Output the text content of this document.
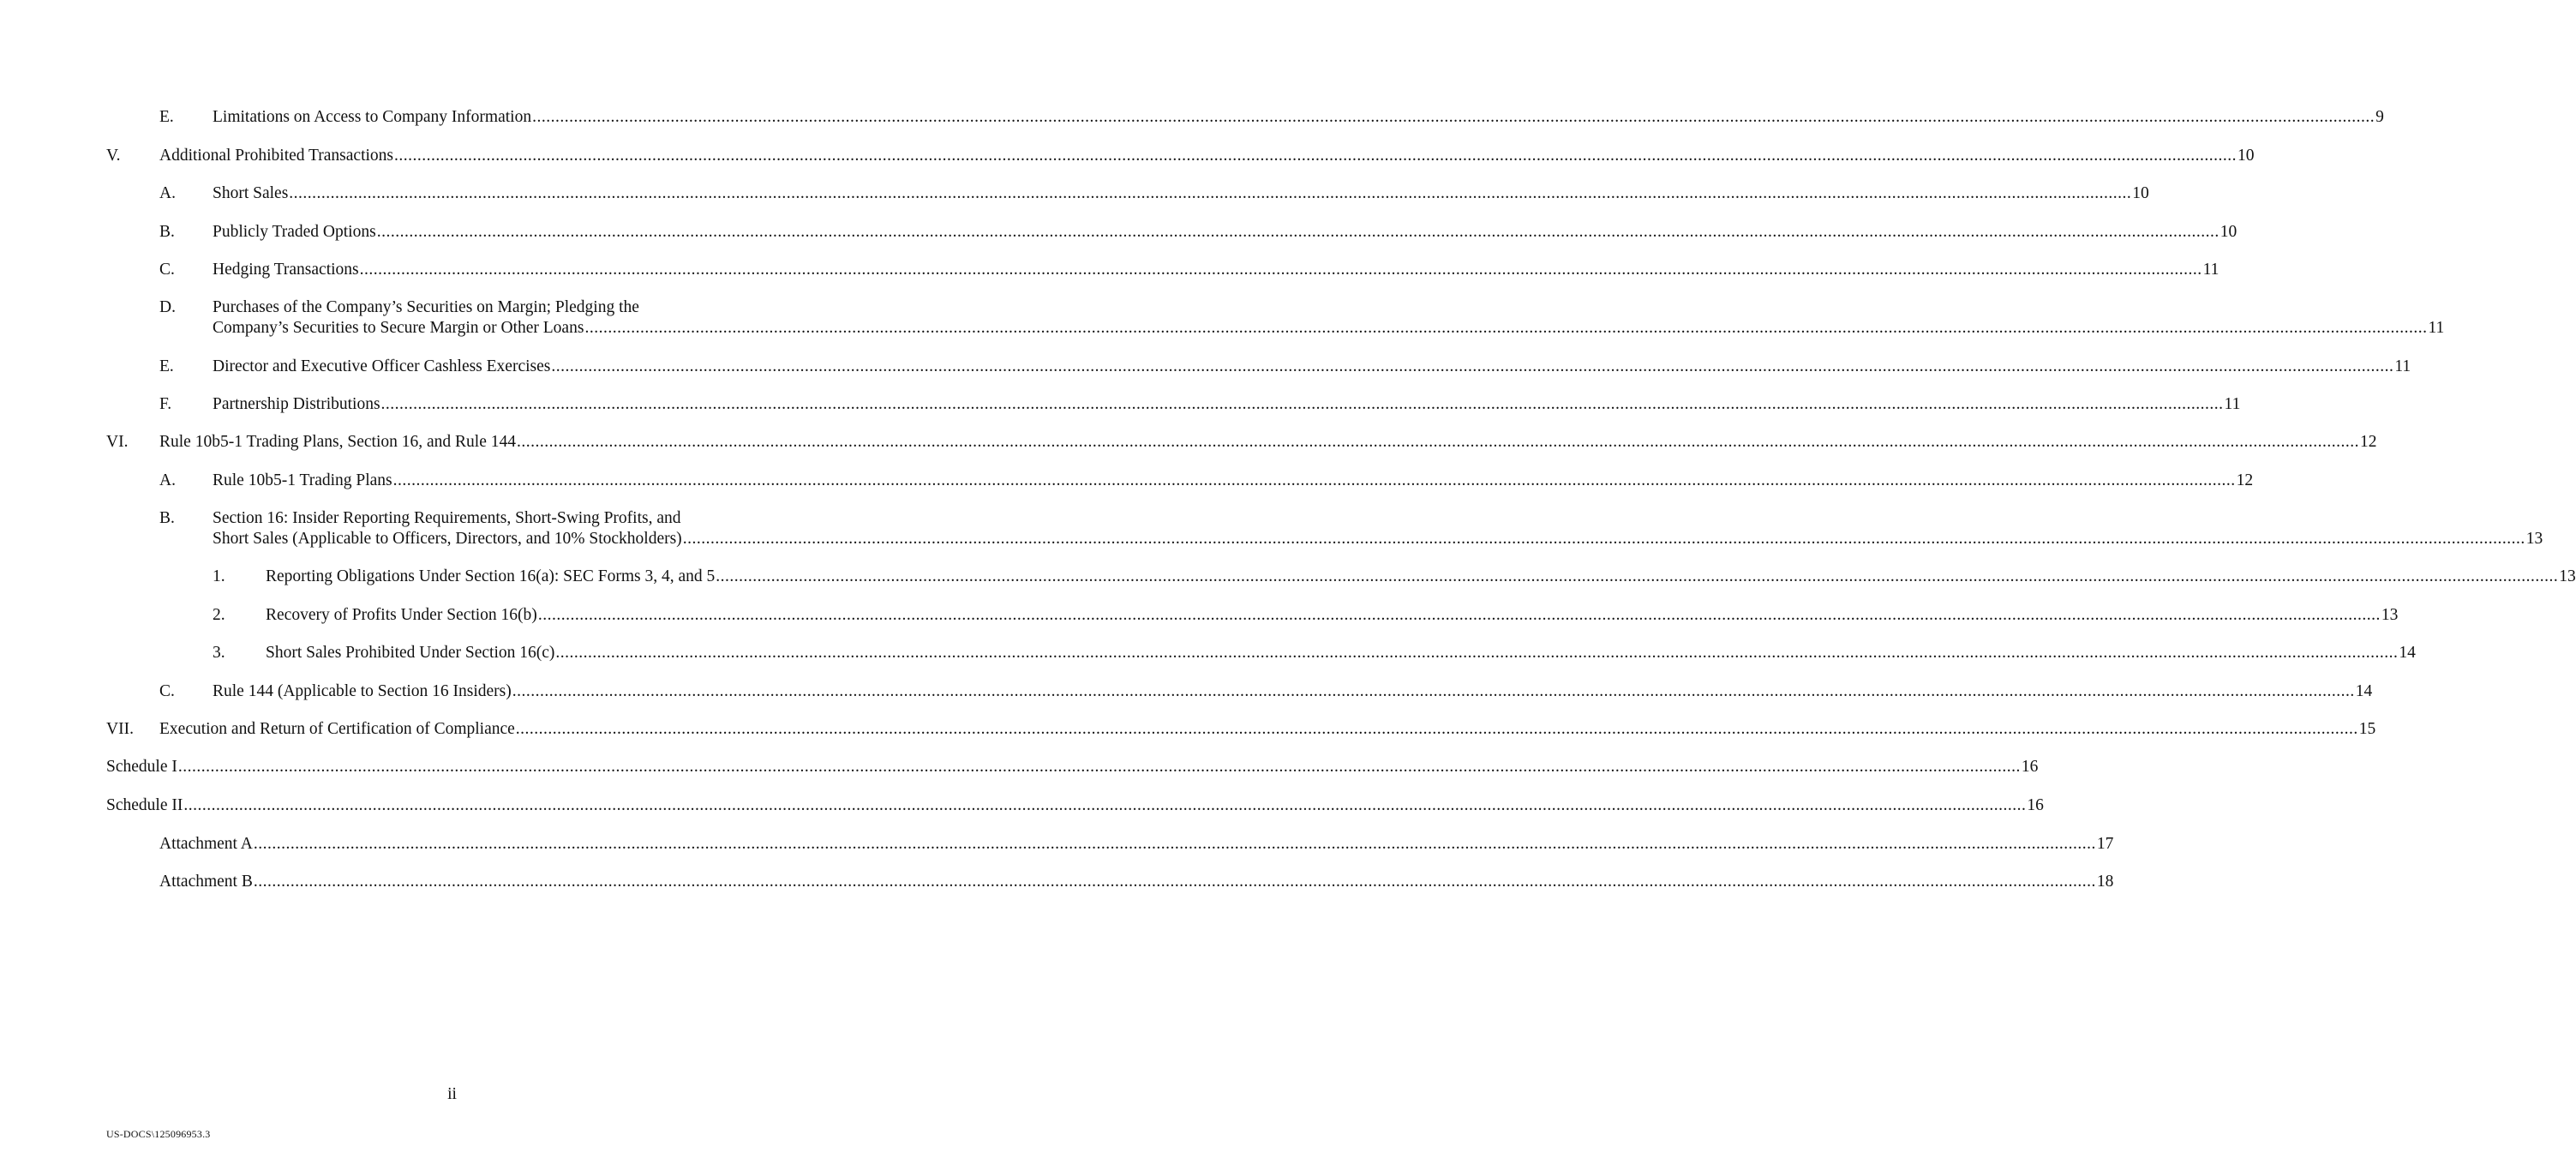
E. Limitations on Access to Company Information ................................................................................................................................................................................................................................................................................................................................................................................................................ 9
V. Additional Prohibited Transactions ................................................................................................................................................................................................................................................................................................................................................................................................................ 10
A. Short Sales ................................................................................................................................................................................................................................................................................................................................................................................................................ 10
B. Publicly Traded Options ................................................................................................................................................................................................................................................................................................................................................................................................................ 10
C. Hedging Transactions ................................................................................................................................................................................................................................................................................................................................................................................................................ 11
D. Purchases of the Company’s Securities on Margin; Pledging the
Company’s Securities to Secure Margin or Other Loans ................................................................................................................................................................................................................................................................................................................................................................................................................ 11
E. Director and Executive Officer Cashless Exercises ................................................................................................................................................................................................................................................................................................................................................................................................................ 11
F. Partnership Distributions ................................................................................................................................................................................................................................................................................................................................................................................................................ 11
VI. Rule 10b5-1 Trading Plans, Section 16, and Rule 144 ................................................................................................................................................................................................................................................................................................................................................................................................................ 12
A. Rule 10b5-1 Trading Plans ................................................................................................................................................................................................................................................................................................................................................................................................................ 12
B. Section 16: Insider Reporting Requirements, Short-Swing Profits, and
Short Sales (Applicable to Officers, Directors, and 10% Stockholders) ................................................................................................................................................................................................................................................................................................................................................................................................................ 13
1. Reporting Obligations Under Section 16(a): SEC Forms 3, 4, and 5 ................................................................................................................................................................................................................................................................................................................................................................................................................ 13
2. Recovery of Profits Under Section 16(b) ................................................................................................................................................................................................................................................................................................................................................................................................................ 13
3. Short Sales Prohibited Under Section 16(c) ................................................................................................................................................................................................................................................................................................................................................................................................................ 14
C. Rule 144 (Applicable to Section 16 Insiders) ................................................................................................................................................................................................................................................................................................................................................................................................................ 14
VII. Execution and Return of Certification of Compliance ................................................................................................................................................................................................................................................................................................................................................................................................................ 15
Schedule I ................................................................................................................................................................................................................................................................................................................................................................................................................ 16
Schedule II ................................................................................................................................................................................................................................................................................................................................................................................................................ 16
Attachment A ................................................................................................................................................................................................................................................................................................................................................................................................................ 17
Attachment B ................................................................................................................................................................................................................................................................................................................................................................................................................ 18
ii
US-DOCS\125096953.3
